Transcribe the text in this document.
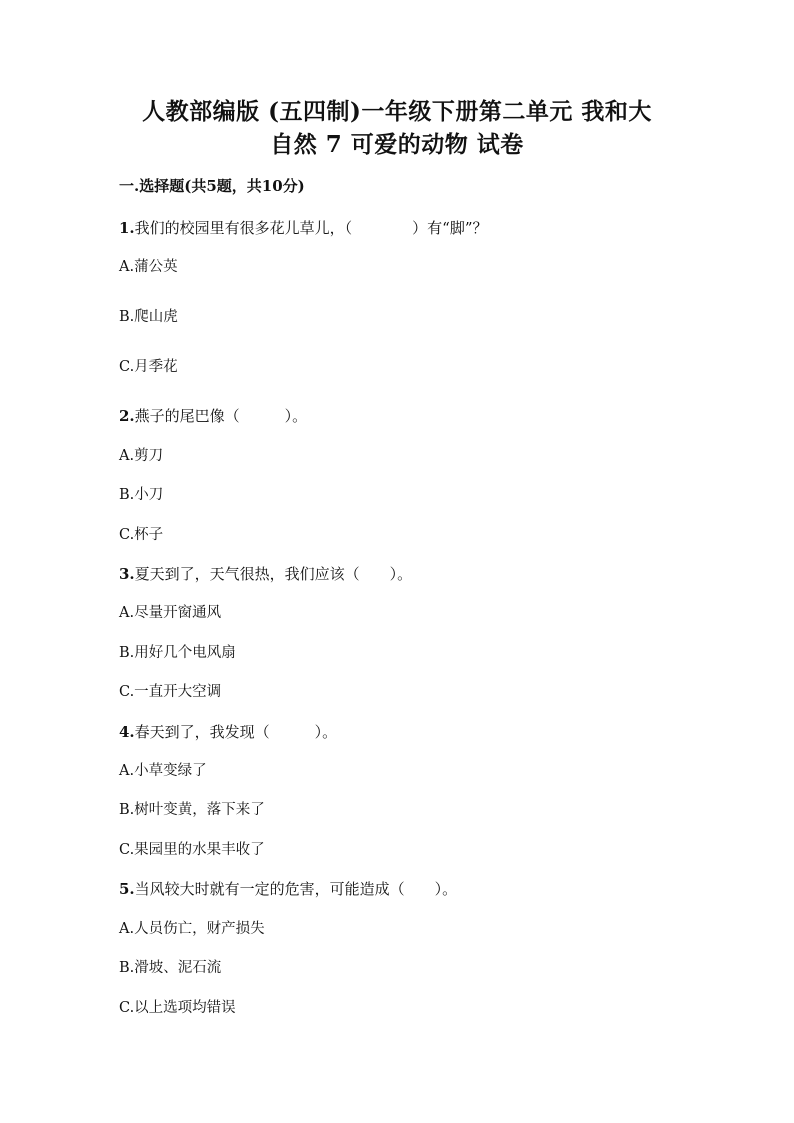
人教部编版 (五四制)一年级下册第二单元 我和大
自然 7 可爱的动物 试卷
一.选择题(共5题，共10分)
1.我们的校园里有很多花儿草儿，（　　　　）有“脚”？
A.蒲公英
B.爬山虎
C.月季花
2.燕子的尾巴像（　　　）。
A.剪刀
B.小刀
C.杯子
3.夏天到了，天气很热，我们应该（　　）。
A.尽量开窗通风
B.用好几个电风扇
C.一直开大空调
4.春天到了，我发现（　　　）。
A.小草变绿了
B.树叶变黄，落下来了
C.果园里的水果丰收了
5.当风较大时就有一定的危害，可能造成（　　）。
A.人员伤亡，财产损失
B.滑坡、泥石流
C.以上选项均错误
